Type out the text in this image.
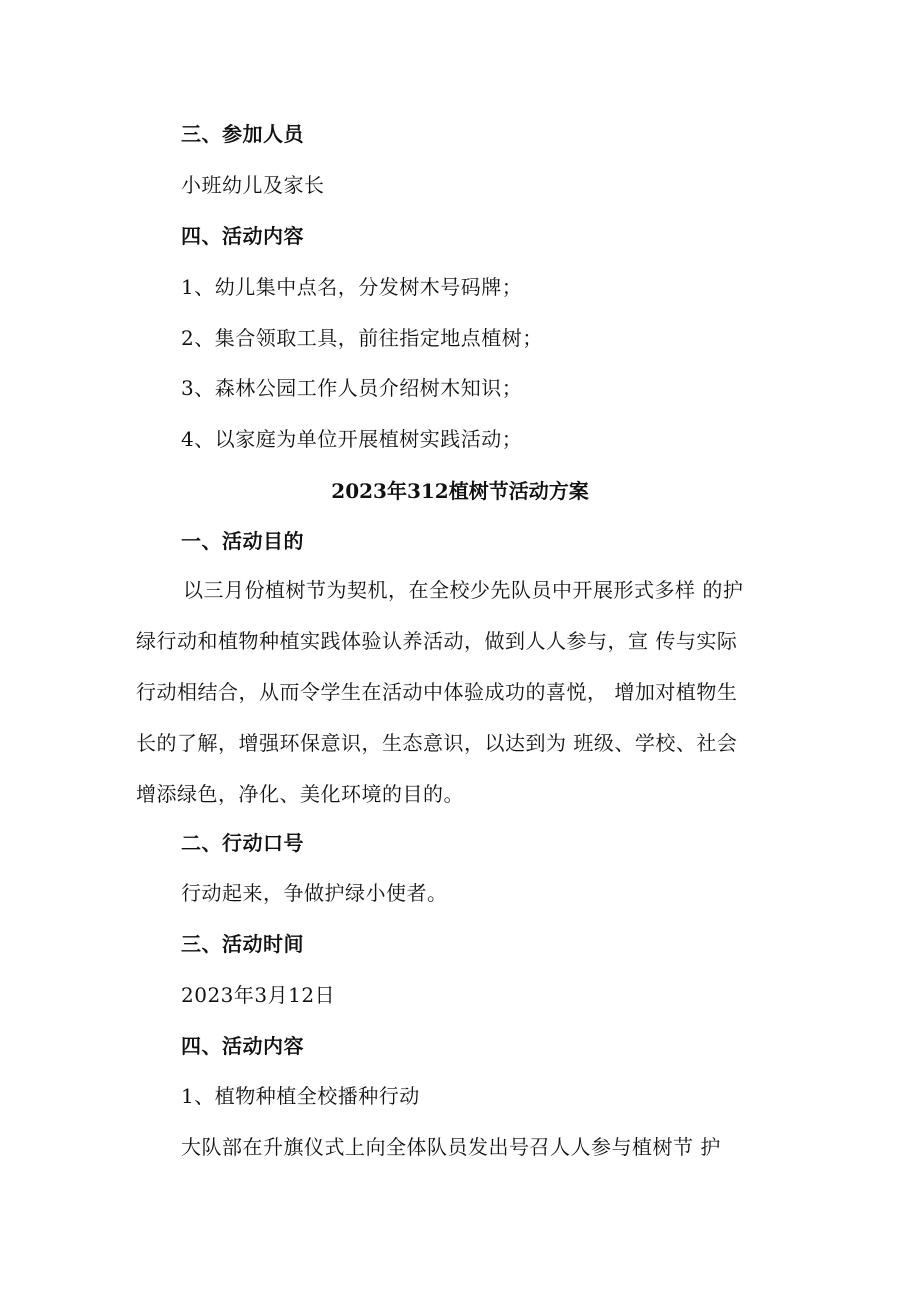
三、参加人员
小班幼儿及家长
四、活动内容
1、幼儿集中点名，分发树木号码牌；
2、集合领取工具，前往指定地点植树；
3、森林公园工作人员介绍树木知识；
4、以家庭为单位开展植树实践活动；
2023年312植树节活动方案
一、活动目的
以三月份植树节为契机，在全校少先队员中开展形式多样 的护
绿行动和植物种植实践体验认养活动，做到人人参与，宣 传与实际
行动相结合，从而令学生在活动中体验成功的喜悦， 增加对植物生
长的了解，增强环保意识，生态意识，以达到为 班级、学校、社会
增添绿色，净化、美化环境的目的。
二、行动口号
行动起来，争做护绿小使者。
三、活动时间
2023年3月12日
四、活动内容
1、植物种植全校播种行动
大队部在升旗仪式上向全体队员发出号召人人参与植树节 护
